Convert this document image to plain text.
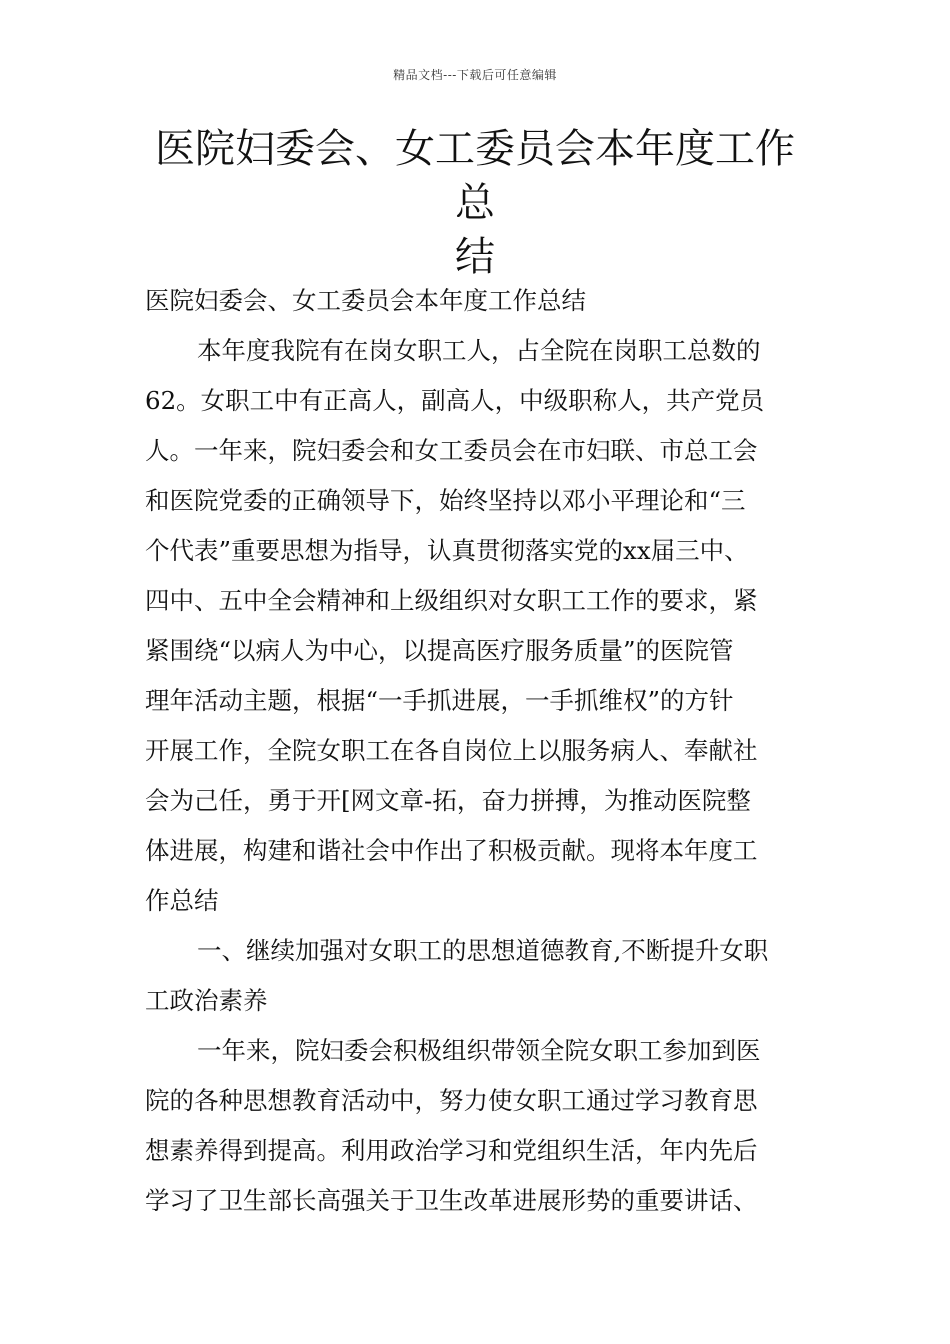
精品文档---下载后可任意编辑
医院妇委会、女工委员会本年度工作总
结
医院妇委会、女工委员会本年度工作总结
本年度我院有在岗女职工人，占全院在岗职工总数的
62。女职工中有正高人，副高人，中级职称人，共产党员
人。一年来，院妇委会和女工委员会在市妇联、市总工会
和医院党委的正确领导下，始终坚持以邓小平理论和“三
个代表”重要思想为指导，认真贯彻落实党的xx届三中、
四中、五中全会精神和上级组织对女职工工作的要求，紧
紧围绕“以病人为中心，以提高医疗服务质量”的医院管
理年活动主题，根据“一手抓进展，一手抓维权”的方针
开展工作，全院女职工在各自岗位上以服务病人、奉献社
会为己任，勇于开[网文章-拓，奋力拼搏，为推动医院整
体进展，构建和谐社会中作出了积极贡献。现将本年度工
作总结
一、继续加强对女职工的思想道德教育,不断提升女职
工政治素养
一年来，院妇委会积极组织带领全院女职工参加到医
院的各种思想教育活动中，努力使女职工通过学习教育思
想素养得到提高。利用政治学习和党组织生活，年内先后
学习了卫生部长高强关于卫生改革进展形势的重要讲话、
